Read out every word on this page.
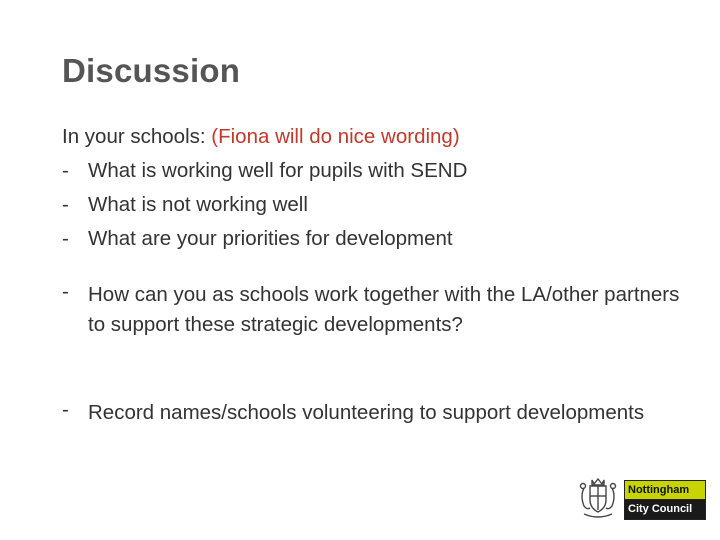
Discussion
In your schools: (Fiona will do nice wording)
- What is working well for pupils with SEND
- What is not working well
- What are your priorities for development
- How can you as schools work together with the LA/other partners to support these strategic developments?
- Record names/schools volunteering to support developments
Nottingham
City Council
